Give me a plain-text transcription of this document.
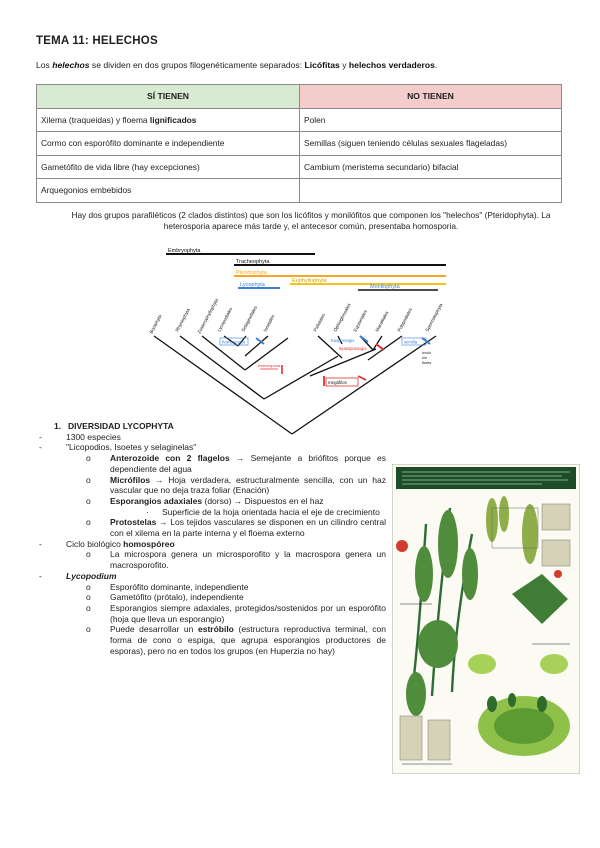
TEMA 11: HELECHOS
Los helechos se dividen en dos grupos filogenéticamente separados: Licófitas y helechos verdaderos.
SÍ TIENEN	NO TIENEN
Xilema (traqueidas) y floema lignificados	Polen
Cormo con esporófito dominante e independiente	Semillas (siguen teniendo células sexuales flageladas)
Gametófito de vida libre (hay excepciones)	Cambium (meristema secundario) bifacial
Arquegonios embebidos	
Hay dos grupos parafiléticos (2 clados distintos) que son los licófitos y monilófitos que componen los "helechos" (Pteridophyta). La heterosporia aparece más tarde y, el antecesor común, presentaba homosporia.
Embryophyta
Tracheophyta
Pteridophyta
Lycophyta
Euphyllophyta
Monilophyta
Bryophyta	Rhyniophyta Zosterophyllophyta
Lycopodiales Selaginellales Isoetales	Psilotales Ophioglossales Equisetales Marattiales Polypodiales Spermatophyta
homosporia
heterosporia
Eusporangio
leptosporangio
semilla
óvulo
sin
flores
megáfilos
1. DIVERSIDAD LYCOPHYTA
-	1300 especies
-	"Licopodios, Isoetes y selaginelas"
o	Anterozoide con 2 flagelos → Semejante a briófitos porque es dependiente del agua
o	Micrófilos → Hoja verdadera, estructuralmente sencilla, con un haz vascular que no deja traza foliar (Enación)
o	Esporangios adaxiales (dorso) → Dispuestos en el haz
·	Superficie de la hoja orientada hacia el eje de crecimiento
o	Protostelas → Los tejidos vasculares se disponen en un cilindro central con el xilema en la parte interna y el floema externo
-	Ciclo biológico homospóreo
o	La microspora genera un microsporofito y la macrospora genera un macrosporofito.
-	Lycopodium
o	Esporófito dominante, independiente
o	Gametófito (prótalo), independiente
o	Esporangios siempre adaxiales, protegidos/sostenidos por un esporófito (hoja que lleva un esporangio)
o	Puede desarrollar un estróbilo (estructura reproductiva terminal, con forma de cono o espiga, que agrupa esporangios productores de esporas), pero no en todos los grupos (en Huperzia no hay)
